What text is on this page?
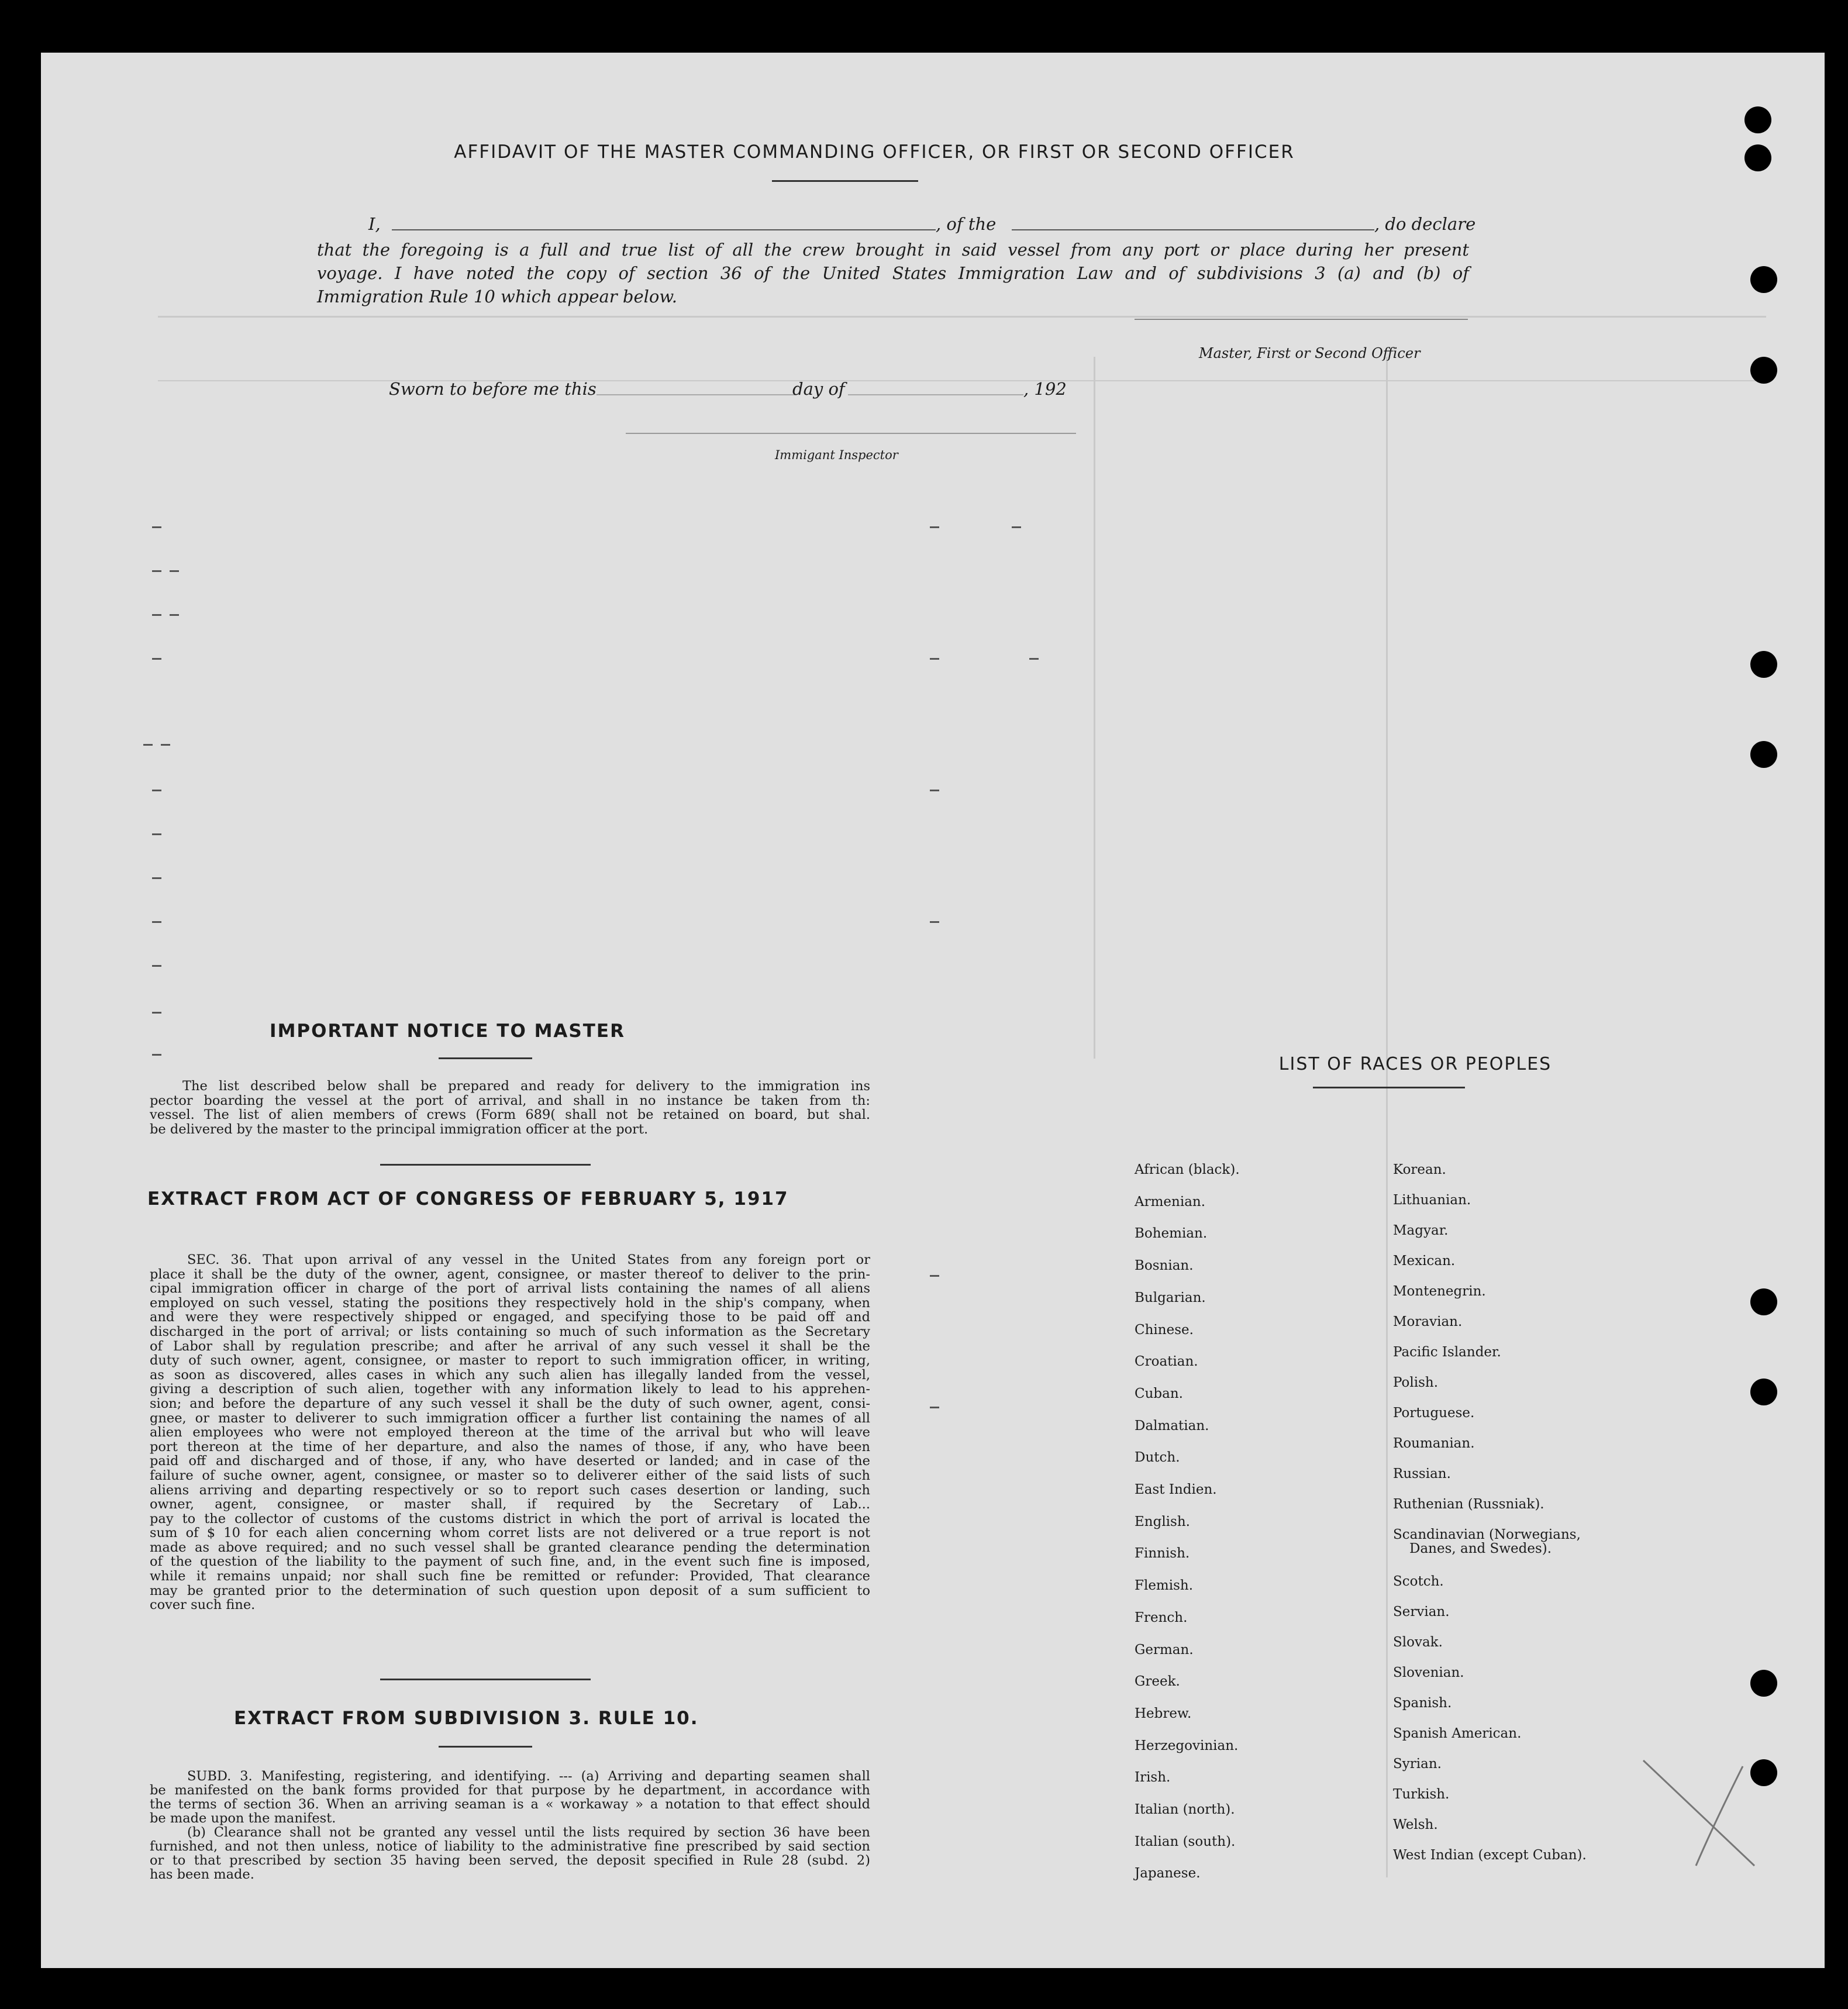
AFFIDAVIT OF THE MASTER COMMANDING OFFICER, OR FIRST OR SECOND OFFICER
I,	, of the	, do declare
that the foregoing is a full and true list of all the crew brought in said vessel from any port or place during her present
voyage. I have noted the copy of section 36 of the United States Immigration Law and of subdivisions 3 (a) and (b) of
Immigration Rule 10 which appear below.
Master, First or Second Officer
Sworn to before me this	day of	, 192
Immigant Inspector
IMPORTANT NOTICE TO MASTER
The list described below shall be prepared and ready for delivery to the immigration ins
pector boarding the vessel at the port of arrival, and shall in no instance be taken from th:
vessel. The list of alien members of crews (Form 689( shall not be retained on board, but shal.
be delivered by the master to the principal immigration officer at the port.
EXTRACT FROM ACT OF CONGRESS OF FEBRUARY 5, 1917
SEC. 36. That upon arrival of any vessel in the United States from any foreign port or
place it shall be the duty of the owner, agent, consignee, or master thereof to deliver to the prin-
cipal immigration officer in charge of the port of arrival lists containing the names of all aliens
employed on such vessel, stating the positions they respectively hold in the ship's company, when
and were they were respectively shipped or engaged, and specifying those to be paid off and
discharged in the port of arrival; or lists containing so much of such information as the Secretary
of Labor shall by regulation prescribe; and after he arrival of any such vessel it shall be the
duty of such owner, agent, consignee, or master to report to such immigration officer, in writing,
as soon as discovered, alles cases in which any such alien has illegally landed from the vessel,
giving a description of such alien, together with any information likely to lead to his apprehen-
sion; and before the departure of any such vessel it shall be the duty of such owner, agent, consi-
gnee, or master to deliverer to such immigration officer a further list containing the names of all
alien employees who were not employed thereon at the time of the arrival but who will leave
port thereon at the time of her departure, and also the names of those, if any, who have been
paid off and discharged and of those, if any, who have deserted or landed; and in case of the
failure of suche owner, agent, consignee, or master so to deliverer either of the said lists of such
aliens arriving and departing respectively or so to report such cases desertion or landing, such
owner, agent, consignee, or master shall, if required by the Secretary of Lab...
pay to the collector of customs of the customs district in which the port of arrival is located the
sum of $ 10 for each alien concerning whom corret lists are not delivered or a true report is not
made as above required; and no such vessel shall be granted clearance pending the determination
of the question of the liability to the payment of such fine, and, in the event such fine is imposed,
while it remains unpaid; nor shall such fine be remitted or refunder: Provided, That clearance
may be granted prior to the determination of such question upon deposit of a sum sufficient to
cover such fine.
EXTRACT FROM SUBDIVISION 3. RULE 10.
SUBD. 3. Manifesting, registering, and identifying. --- (a) Arriving and departing seamen shall
be manifested on the bank forms provided for that purpose by he department, in accordance with
the terms of section 36. When an arriving seaman is a « workaway » a notation to that effect should
be made upon the manifest.
(b) Clearance shall not be granted any vessel until the lists required by section 36 have been
furnished, and not then unless, notice of liability to the administrative fine prescribed by said section
or to that prescribed by section 35 having been served, the deposit specified in Rule 28 (subd. 2)
has been made.
LIST OF RACES OR PEOPLES
African (black).
Armenian.
Bohemian.
Bosnian.
Bulgarian.
Chinese.
Croatian.
Cuban.
Dalmatian.
Dutch.
East Indien.
English.
Finnish.
Flemish.
French.
German.
Greek.
Hebrew.
Herzegovinian.
Irish.
Italian (north).
Italian (south).
Japanese.
Korean.
Lithuanian.
Magyar.
Mexican.
Montenegrin.
Moravian.
Pacific Islander.
Polish.
Portuguese.
Roumanian.
Russian.
Ruthenian (Russniak).
Scandinavian (Norwegians,
Danes, and Swedes).
Scotch.
Servian.
Slovak.
Slovenian.
Spanish.
Spanish American.
Syrian.
Turkish.
Welsh.
West Indian (except Cuban).
